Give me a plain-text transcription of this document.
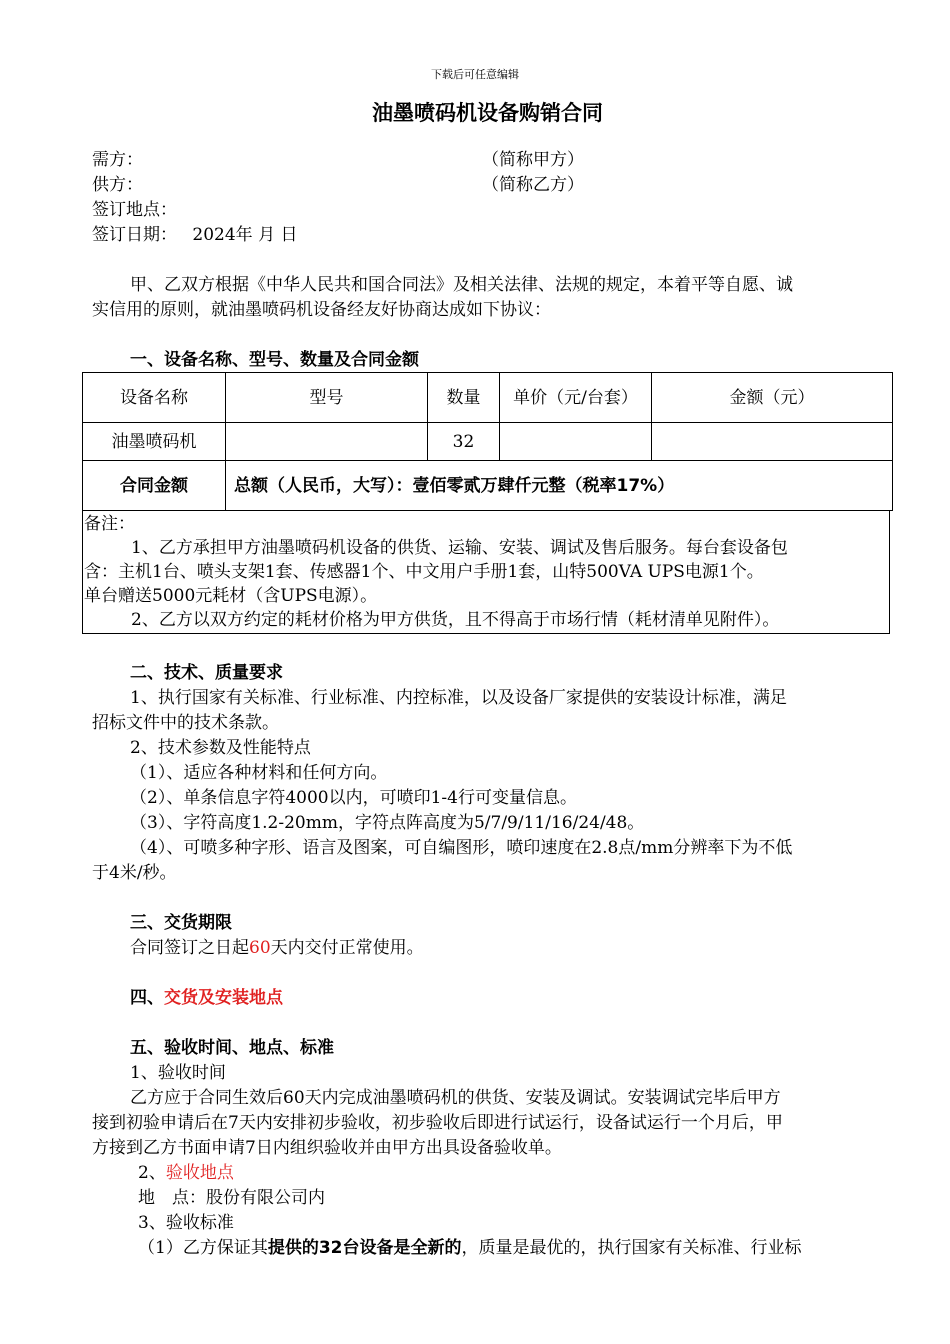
下载后可任意编辑
油墨喷码机设备购销合同
需方：	（简称甲方）
供方：	（简称乙方）
签订地点：
签订日期： 2024年 月 日
甲、乙双方根据《中华人民共和国合同法》及相关法律、法规的规定，本着平等自愿、诚
实信用的原则，就油墨喷码机设备经友好协商达成如下协议：
一、设备名称、型号、数量及合同金额
设备名称	型号	数量	单价（元/台套）	金额（元）
油墨喷码机		32		
合同金额	总额（人民币，大写）：壹佰零贰万肆仟元整（税率17%）			
备注：
1、乙方承担甲方油墨喷码机设备的供货、运输、安装、调试及售后服务。每台套设备包
含：主机1台、喷头支架1套、传感器1个、中文用户手册1套，山特500VA UPS电源1个。
单台赠送5000元耗材（含UPS电源）。
2、乙方以双方约定的耗材价格为甲方供货，且不得高于市场行情（耗材清单见附件）。
二、技术、质量要求
1、执行国家有关标准、行业标准、内控标准，以及设备厂家提供的安装设计标准，满足
招标文件中的技术条款。
2、技术参数及性能特点
（1）、适应各种材料和任何方向。
（2）、单条信息字符4000以内，可喷印1-4行可变量信息。
（3）、字符高度1.2-20mm，字符点阵高度为5/7/9/11/16/24/48。
（4）、可喷多种字形、语言及图案，可自编图形，喷印速度在2.8点/mm分辨率下为不低
于4米/秒。
三、交货期限
合同签订之日起60天内交付正常使用。
四、交货及安装地点
五、验收时间、地点、标准
1、验收时间
乙方应于合同生效后60天内完成油墨喷码机的供货、安装及调试。安装调试完毕后甲方
接到初验申请后在7天内安排初步验收，初步验收后即进行试运行，设备试运行一个月后，甲
方接到乙方书面申请7日内组织验收并由甲方出具设备验收单。
2、验收地点
地　点：股份有限公司内
3、验收标准
（1）乙方保证其提供的32台设备是全新的，质量是最优的，执行国家有关标准、行业标
